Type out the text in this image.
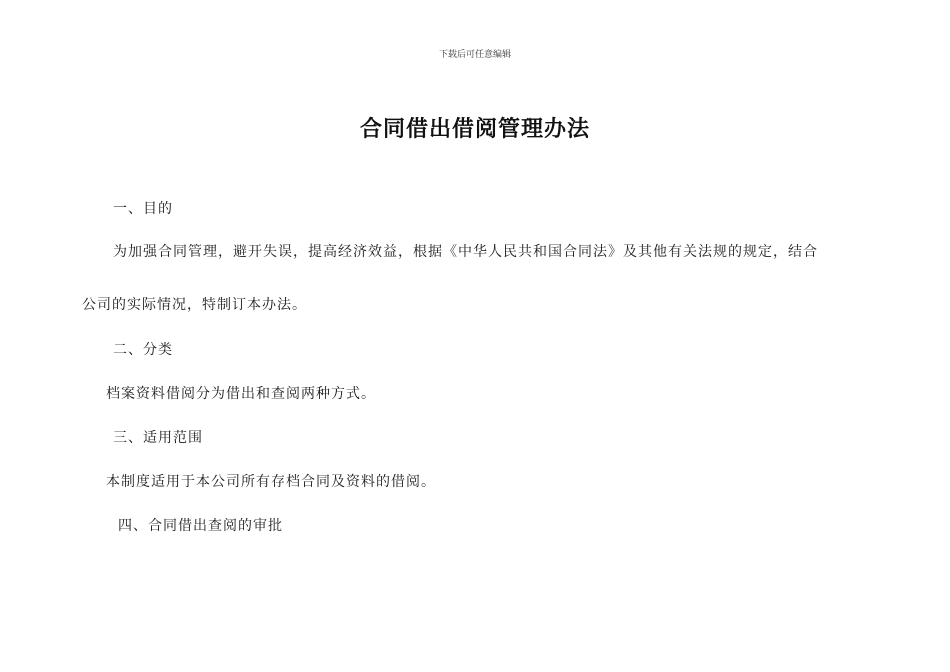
下载后可任意编辑
合同借出借阅管理办法
一、目的
为加强合同管理，避开失误，提高经济效益，根据《中华人民共和国合同法》及其他有关法规的规定，结合
公司的实际情况，特制订本办法。
二、分类
档案资料借阅分为借出和查阅两种方式。
三、适用范围
本制度适用于本公司所有存档合同及资料的借阅。
四、合同借出查阅的审批
